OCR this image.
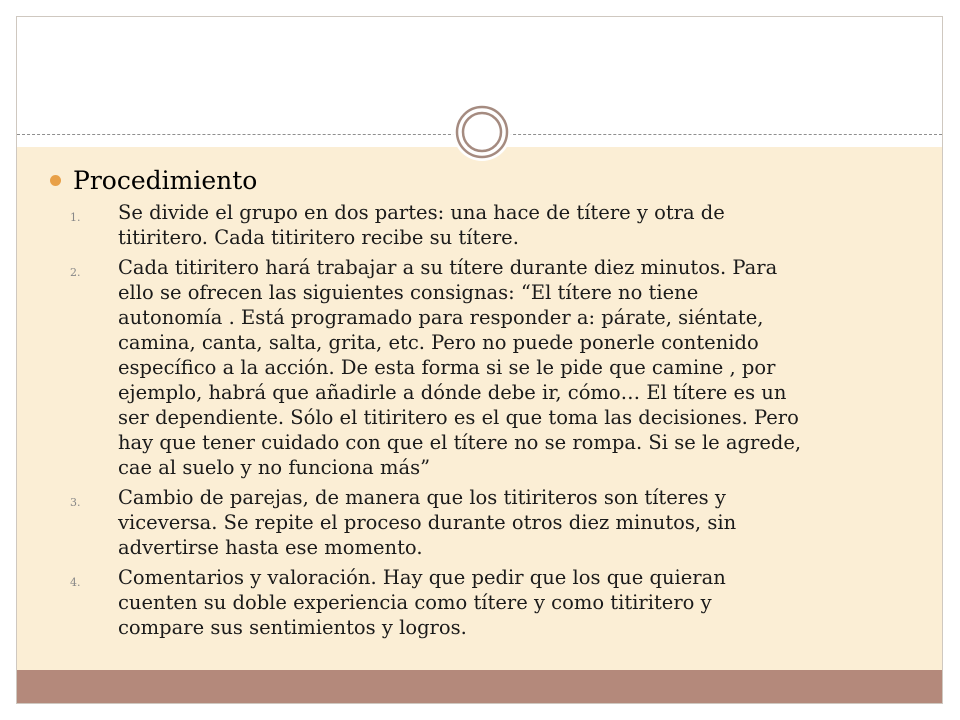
Procedimiento
1. Se divide el grupo en dos partes: una hace de títere y otra de
titiritero. Cada titiritero recibe su títere.
2. Cada titiritero hará trabajar a su títere durante diez minutos. Para
ello se ofrecen las siguientes consignas: “El títere no tiene
autonomía . Está programado para responder a: párate, siéntate,
camina, canta, salta, grita, etc. Pero no puede ponerle contenido
específico a la acción. De esta forma si se le pide que camine , por
ejemplo, habrá que añadirle a dónde debe ir, cómo… El títere es un
ser dependiente. Sólo el titiritero es el que toma las decisiones. Pero
hay que tener cuidado con que el títere no se rompa. Si se le agrede,
cae al suelo y no funciona más”
3. Cambio de parejas, de manera que los titiriteros son títeres y
viceversa. Se repite el proceso durante otros diez minutos, sin
advertirse hasta ese momento.
4. Comentarios y valoración. Hay que pedir que los que quieran
cuenten su doble experiencia como títere y como titiritero y
compare sus sentimientos y logros.
